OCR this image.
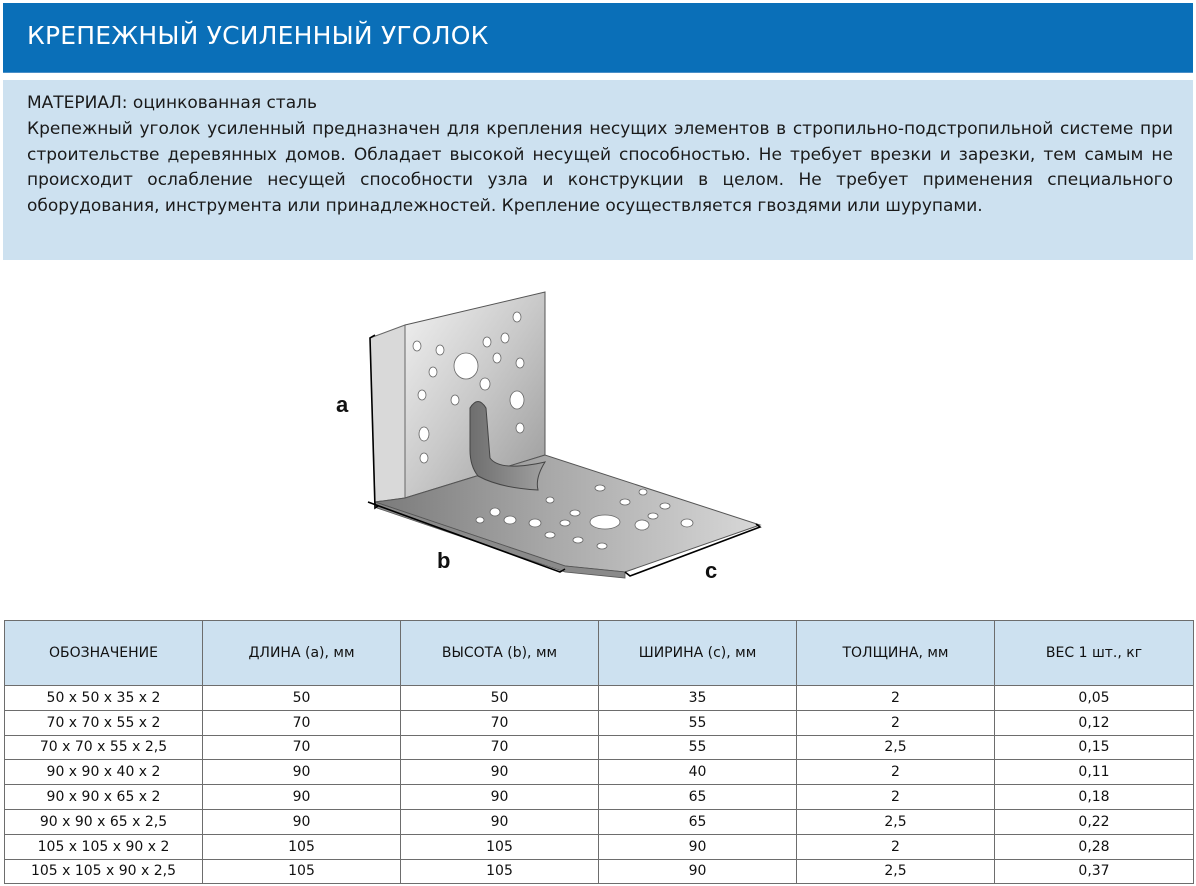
КРЕПЕЖНЫЙ УСИЛЕННЫЙ УГОЛОК
МАТЕРИАЛ: оцинкованная сталь

Крепежный уголок усиленный предназначен для крепления несущих элементов в стропильно-подстропильной системе при строительстве деревянных домов. Обладает высокой несущей способностью. Не требует врезки и зарезки, тем самым не происходит ослабление несущей способности узла и конструкции в целом. Не требует применения специального оборудования, инструмента или принадлежностей. Крепление осуществляется гвоздями или шурупами.

a
b	c
ОБОЗНАЧЕНИЕ	ДЛИНА (a), мм	ВЫСОТА (b), мм	ШИРИНА (c), мм	ТОЛЩИНА, мм	ВЕС 1 шт., кг
50 x 50 x 35 x 2	50	50	35	2	0,05
70 x 70 x 55 x 2	70	70	55	2	0,12
70 x 70 x 55 x 2,5	70	70	55	2,5	0,15
90 x 90 x 40 x 2	90	90	40	2	0,11
90 x 90 x 65 x 2	90	90	65	2	0,18
90 x 90 x 65 x 2,5	90	90	65	2,5	0,22
105 x 105 x 90 x 2	105	105	90	2	0,28
105 x 105 x 90 x 2,5	105	105	90	2,5	0,37
